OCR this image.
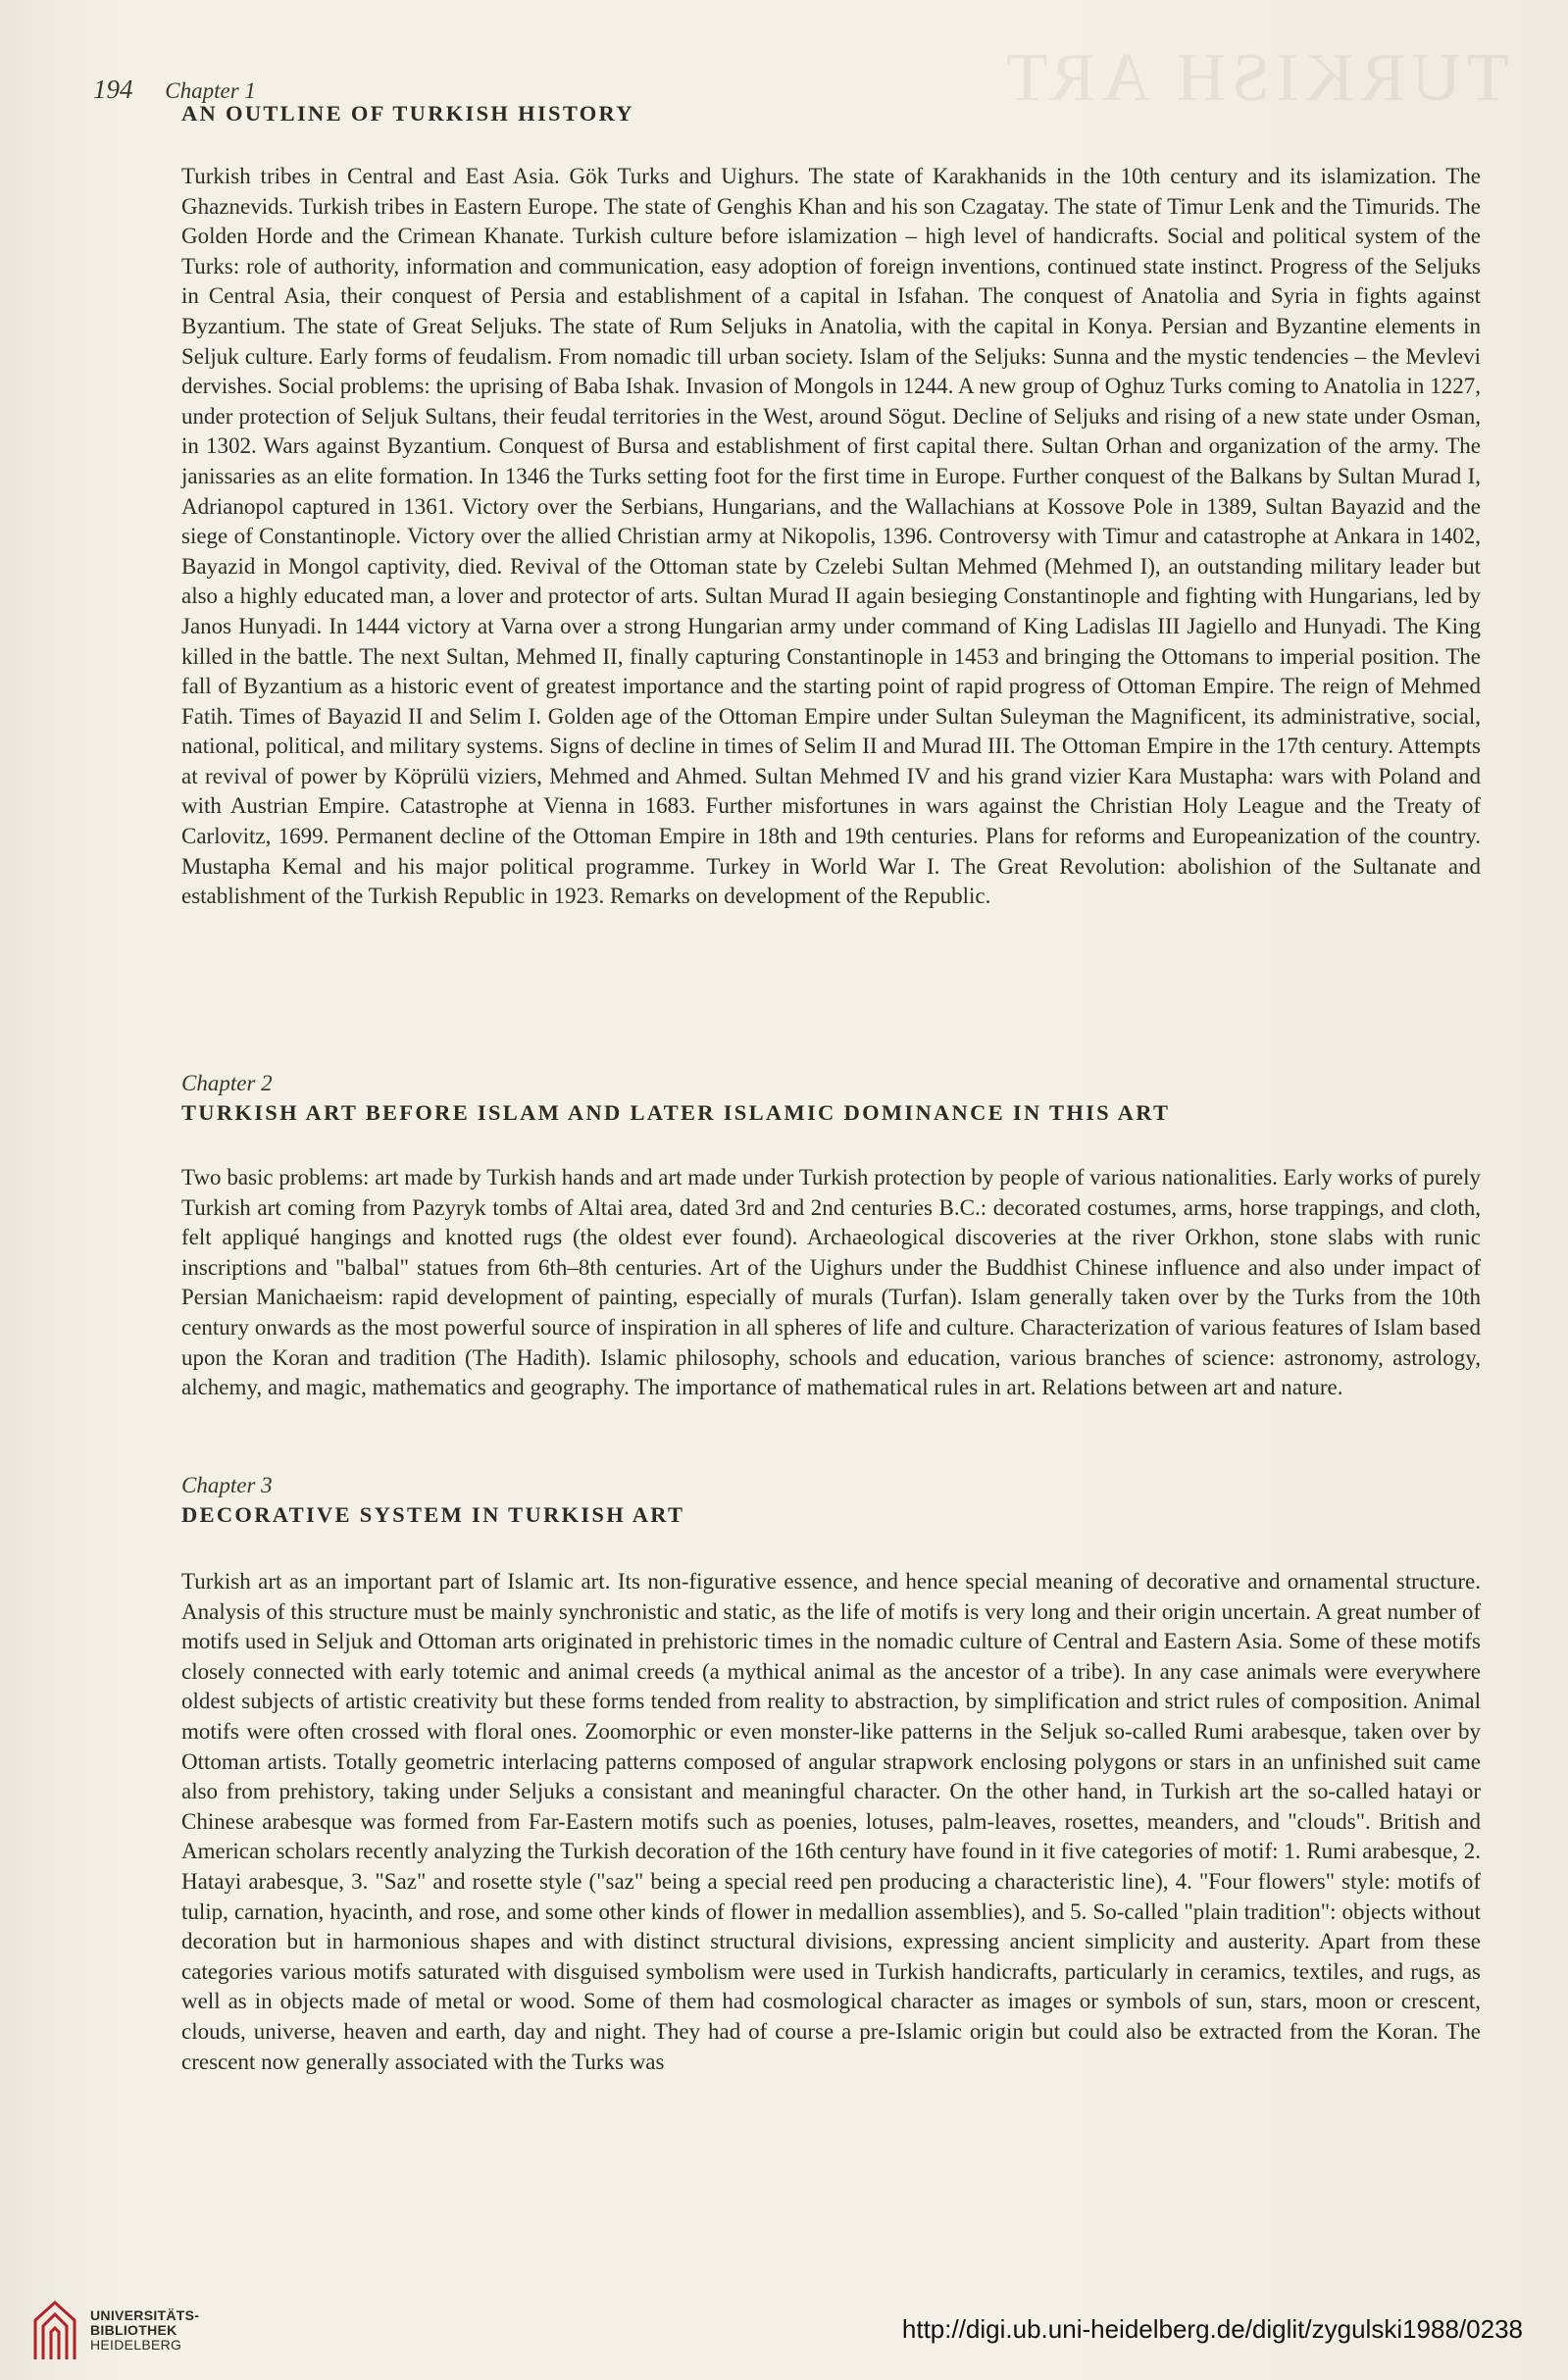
TURKISH ART
194 Chapter 1
AN OUTLINE OF TURKISH HISTORY

Turkish tribes in Central and East Asia. Gök Turks and Uighurs. The state of Karakhanids in the 10th century and its islamization. The Ghaznevids. Turkish tribes in Eastern Europe. The state of Genghis Khan and his son Czagatay. The state of Timur Lenk and the Timurids. The Golden Horde and the Crimean Khanate. Turkish culture before islamization – high level of handicrafts. Social and political system of the Turks: role of authority, information and communication, easy adoption of foreign inventions, continued state instinct. Progress of the Seljuks in Central Asia, their conquest of Persia and establishment of a capital in Isfahan. The conquest of Anatolia and Syria in fights against Byzantium. The state of Great Seljuks. The state of Rum Seljuks in Anatolia, with the capital in Konya. Persian and Byzantine elements in Seljuk culture. Early forms of feudalism. From nomadic till urban society. Islam of the Seljuks: Sunna and the mystic tendencies – the Mevlevi dervishes. Social problems: the uprising of Baba Ishak. Invasion of Mongols in 1244. A new group of Oghuz Turks coming to Anatolia in 1227, under protection of Seljuk Sultans, their feudal territories in the West, around Sögut. Decline of Seljuks and rising of a new state under Osman, in 1302. Wars against Byzantium. Conquest of Bursa and establishment of first capital there. Sultan Orhan and organization of the army. The janissaries as an elite formation. In 1346 the Turks setting foot for the first time in Europe. Further conquest of the Balkans by Sultan Murad I, Adrianopol captured in 1361. Victory over the Serbians, Hungarians, and the Wallachians at Kossove Pole in 1389, Sultan Bayazid and the siege of Constantinople. Victory over the allied Christian army at Nikopolis, 1396. Controversy with Timur and catastrophe at Ankara in 1402, Bayazid in Mongol captivity, died. Revival of the Ottoman state by Czelebi Sultan Mehmed (Mehmed I), an outstanding military leader but also a highly educated man, a lover and protector of arts. Sultan Murad II again besieging Constantinople and fighting with Hungarians, led by Janos Hunyadi. In 1444 victory at Varna over a strong Hungarian army under command of King Ladislas III Jagiello and Hunyadi. The King killed in the battle. The next Sultan, Mehmed II, finally capturing Constantinople in 1453 and bringing the Ottomans to imperial position. The fall of Byzantium as a historic event of greatest importance and the starting point of rapid progress of Ottoman Empire. The reign of Mehmed Fatih. Times of Bayazid II and Selim I. Golden age of the Ottoman Empire under Sultan Suleyman the Magnificent, its administrative, social, national, political, and military systems. Signs of decline in times of Selim II and Murad III. The Ottoman Empire in the 17th century. Attempts at revival of power by Köprülü viziers, Mehmed and Ahmed. Sultan Mehmed IV and his grand vizier Kara Mustapha: wars with Poland and with Austrian Empire. Catastrophe at Vienna in 1683. Further misfortunes in wars against the Christian Holy League and the Treaty of Carlovitz, 1699. Permanent decline of the Ottoman Empire in 18th and 19th centuries. Plans for reforms and Europeanization of the country. Mustapha Kemal and his major political programme. Turkey in World War I. The Great Revolution: abolishion of the Sultanate and establishment of the Turkish Republic in 1923. Remarks on development of the Republic.

Chapter 2
TURKISH ART BEFORE ISLAM AND LATER ISLAMIC DOMINANCE IN THIS ART

Two basic problems: art made by Turkish hands and art made under Turkish protection by people of various nationalities. Early works of purely Turkish art coming from Pazyryk tombs of Altai area, dated 3rd and 2nd centuries B.C.: decorated costumes, arms, horse trappings, and cloth, felt appliqué hangings and knotted rugs (the oldest ever found). Archaeological discoveries at the river Orkhon, stone slabs with runic inscriptions and "balbal" statues from 6th–8th centuries. Art of the Uighurs under the Buddhist Chinese influence and also under impact of Persian Manichaeism: rapid development of painting, especially of murals (Turfan). Islam generally taken over by the Turks from the 10th century onwards as the most powerful source of inspiration in all spheres of life and culture. Characterization of various features of Islam based upon the Koran and tradition (The Hadith). Islamic philosophy, schools and education, various branches of science: astronomy, astrology, alchemy, and magic, mathematics and geography. The importance of mathematical rules in art. Relations between art and nature.

Chapter 3
DECORATIVE SYSTEM IN TURKISH ART

Turkish art as an important part of Islamic art. Its non-figurative essence, and hence special meaning of decorative and ornamental structure. Analysis of this structure must be mainly synchronistic and static, as the life of motifs is very long and their origin uncertain. A great number of motifs used in Seljuk and Ottoman arts originated in prehistoric times in the nomadic culture of Central and Eastern Asia. Some of these motifs closely connected with early totemic and animal creeds (a mythical animal as the ancestor of a tribe). In any case animals were everywhere oldest subjects of artistic creativity but these forms tended from reality to abstraction, by simplification and strict rules of composition. Animal motifs were often crossed with floral ones. Zoomorphic or even monster-like patterns in the Seljuk so-called Rumi arabesque, taken over by Ottoman artists. Totally geometric interlacing patterns composed of angular strapwork enclosing polygons or stars in an unfinished suit came also from prehistory, taking under Seljuks a consistant and meaningful character. On the other hand, in Turkish art the so-called hatayi or Chinese arabesque was formed from Far-Eastern motifs such as poenies, lotuses, palm-leaves, rosettes, meanders, and "clouds". British and American scholars recently analyzing the Turkish decoration of the 16th century have found in it five categories of motif: 1. Rumi arabesque, 2. Hatayi arabesque, 3. "Saz" and rosette style ("saz" being a special reed pen producing a characteristic line), 4. "Four flowers" style: motifs of tulip, carnation, hyacinth, and rose, and some other kinds of flower in medallion assemblies), and 5. So-called "plain tradition": objects without decoration but in harmonious shapes and with distinct structural divisions, expressing ancient simplicity and austerity. Apart from these categories various motifs saturated with disguised symbolism were used in Turkish handicrafts, particularly in ceramics, textiles, and rugs, as well as in objects made of metal or wood. Some of them had cosmological character as images or symbols of sun, stars, moon or crescent, clouds, universe, heaven and earth, day and night. They had of course a pre-Islamic origin but could also be extracted from the Koran. The crescent now generally associated with the Turks was

UNIVERSITÄTS-
BIBLIOTHEK
HEIDELBERG
http://digi.ub.uni-heidelberg.de/diglit/zygulski1988/0238
